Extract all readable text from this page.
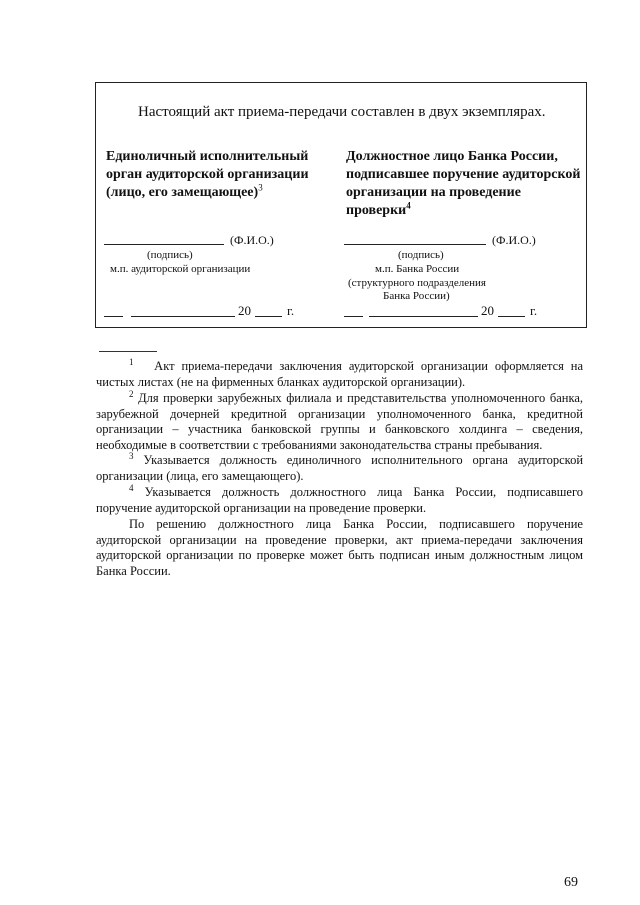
Настоящий акт приема-передачи составлен в двух экземплярах.
Единоличный исполнительный орган аудиторской организации (лицо, его замещающее)$^3$
(Ф.И.О.)
(подпись)
м.п. аудиторской организации
20	г.
Должностное лицо Банка России, подписавшее поручение аудиторской организации на проведение проверки$^4$
(Ф.И.О.)
(подпись)
м.п. Банка России
(структурного подразделения
Банка России)
20	г.
$^1$ Акт приема-передачи заключения аудиторской организации оформляется на чистых листах (не на фирменных бланках аудиторской организации).
$^2$ Для проверки зарубежных филиала и представительства уполномоченного банка, зарубежной дочерней кредитной организации уполномоченного банка, кредитной организации – участника банковской группы и банковского холдинга – сведения, необходимые в соответствии с требованиями законодательства страны пребывания.
$^3$ Указывается должность единоличного исполнительного органа аудиторской организации (лица, его замещающего).
$^4$ Указывается должность должностного лица Банка России, подписавшего поручение аудиторской организации на проведение проверки.
По решению должностного лица Банка России, подписавшего поручение аудиторской организации на проведение проверки, акт приема-передачи заключения аудиторской организации по проверке может быть подписан иным должностным лицом Банка России.
69
